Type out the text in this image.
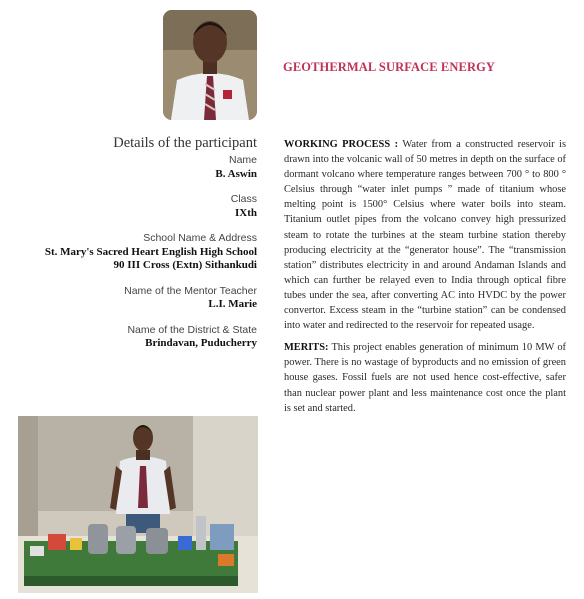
GEOTHERMAL SURFACE ENERGY
Details of the participant
Name
B. Aswin
Class
IXth
School Name & Address
St. Mary's Sacred Heart English High School
90 III Cross (Extn) Sithankudi
Name of the Mentor Teacher
L.I. Marie
Name of the District & State
Brindavan, Puducherry

WORKING PROCESS : Water from a constructed reservoir is drawn into the volcanic wall of 50 metres in depth on the surface of dormant volcano where temperature ranges between 700 ° to 800 ° Celsius through “water inlet pumps ” made of titanium whose melting point is 1500° Celsius where water boils into steam. Titanium outlet pipes from the volcano convey high pressurized steam to rotate the turbines at the steam turbine station thereby producing electricity at the “generator house”. The “transmission station” distributes electricity in and around Andaman Islands and which can further be relayed even to India through optical fibre tubes under the sea, after converting AC into HVDC by the power convertor. Excess steam in the “turbine station” can be condensed into water and redirected to the reservoir for repeated usage.

MERITS: This project enables generation of minimum 10 MW of power. There is no wastage of byproducts and no emission of green house gases. Fossil fuels are not used hence cost-effective, safer than nuclear power plant and less maintenance cost once the plant is set and started.
